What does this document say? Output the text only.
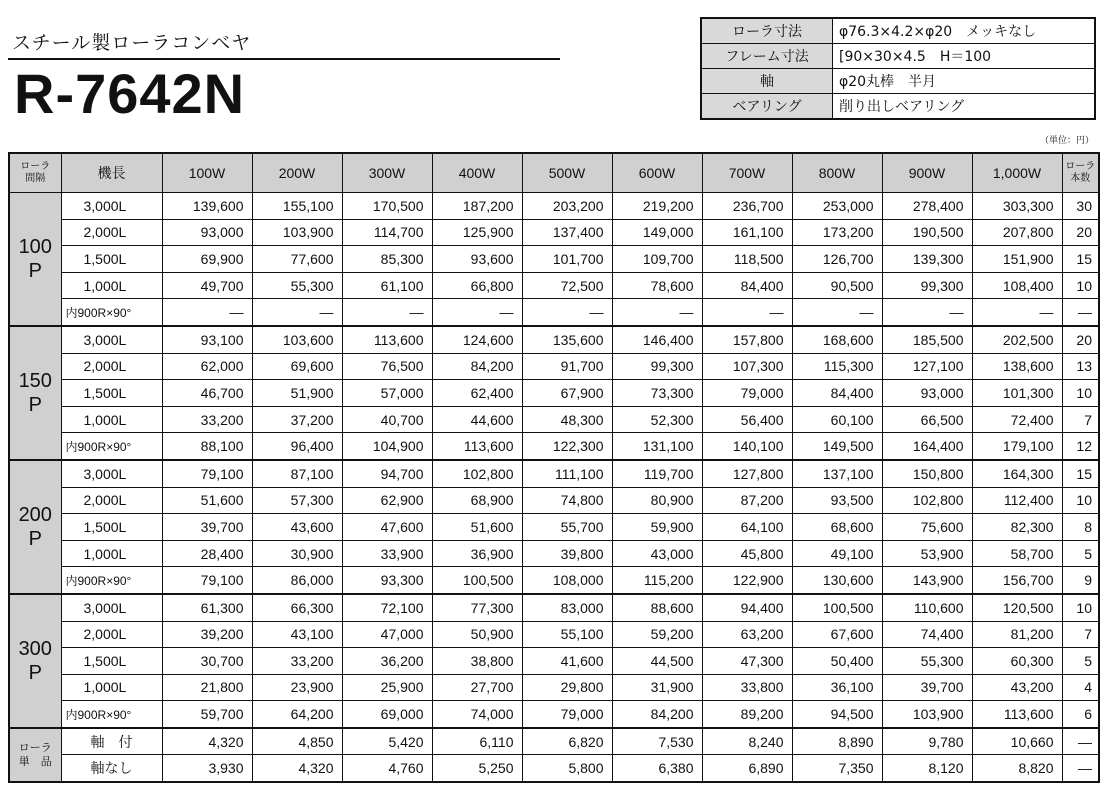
スチール製ローラコンベヤ
R-7642N
ローラ寸法	φ76.3×4.2×φ20　メッキなし
フレーム寸法	[90×30×4.5　H＝100
軸	φ20丸棒　半月
ベアリング	削り出しベアリング
（単位：円）
ローラ
間隔	機長	100W	200W	300W	400W	500W	600W	700W	800W	900W	1,000W	ローラ
本数
100
P	3,000L	139,600	155,100	170,500	187,200	203,200	219,200	236,700	253,000	278,400	303,300	30
	2,000L	93,000	103,900	114,700	125,900	137,400	149,000	161,100	173,200	190,500	207,800	20
	1,500L	69,900	77,600	85,300	93,600	101,700	109,700	118,500	126,700	139,300	151,900	15
	1,000L	49,700	55,300	61,100	66,800	72,500	78,600	84,400	90,500	99,300	108,400	10
	内900R×90°	—	—	—	—	—	—	—	—	—	—	—
150
P	3,000L	93,100	103,600	113,600	124,600	135,600	146,400	157,800	168,600	185,500	202,500	20
	2,000L	62,000	69,600	76,500	84,200	91,700	99,300	107,300	115,300	127,100	138,600	13
	1,500L	46,700	51,900	57,000	62,400	67,900	73,300	79,000	84,400	93,000	101,300	10
	1,000L	33,200	37,200	40,700	44,600	48,300	52,300	56,400	60,100	66,500	72,400	7
	内900R×90°	88,100	96,400	104,900	113,600	122,300	131,100	140,100	149,500	164,400	179,100	12
200
P	3,000L	79,100	87,100	94,700	102,800	111,100	119,700	127,800	137,100	150,800	164,300	15
	2,000L	51,600	57,300	62,900	68,900	74,800	80,900	87,200	93,500	102,800	112,400	10
	1,500L	39,700	43,600	47,600	51,600	55,700	59,900	64,100	68,600	75,600	82,300	8
	1,000L	28,400	30,900	33,900	36,900	39,800	43,000	45,800	49,100	53,900	58,700	5
	内900R×90°	79,100	86,000	93,300	100,500	108,000	115,200	122,900	130,600	143,900	156,700	9
300
P	3,000L	61,300	66,300	72,100	77,300	83,000	88,600	94,400	100,500	110,600	120,500	10
	2,000L	39,200	43,100	47,000	50,900	55,100	59,200	63,200	67,600	74,400	81,200	7
	1,500L	30,700	33,200	36,200	38,800	41,600	44,500	47,300	50,400	55,300	60,300	5
	1,000L	21,800	23,900	25,900	27,700	29,800	31,900	33,800	36,100	39,700	43,200	4
	内900R×90°	59,700	64,200	69,000	74,000	79,000	84,200	89,200	94,500	103,900	113,600	6
ローラ
単　品	軸　付	4,320	4,850	5,420	6,110	6,820	7,530	8,240	8,890	9,780	10,660	—
	軸なし	3,930	4,320	4,760	5,250	5,800	6,380	6,890	7,350	8,120	8,820	—
